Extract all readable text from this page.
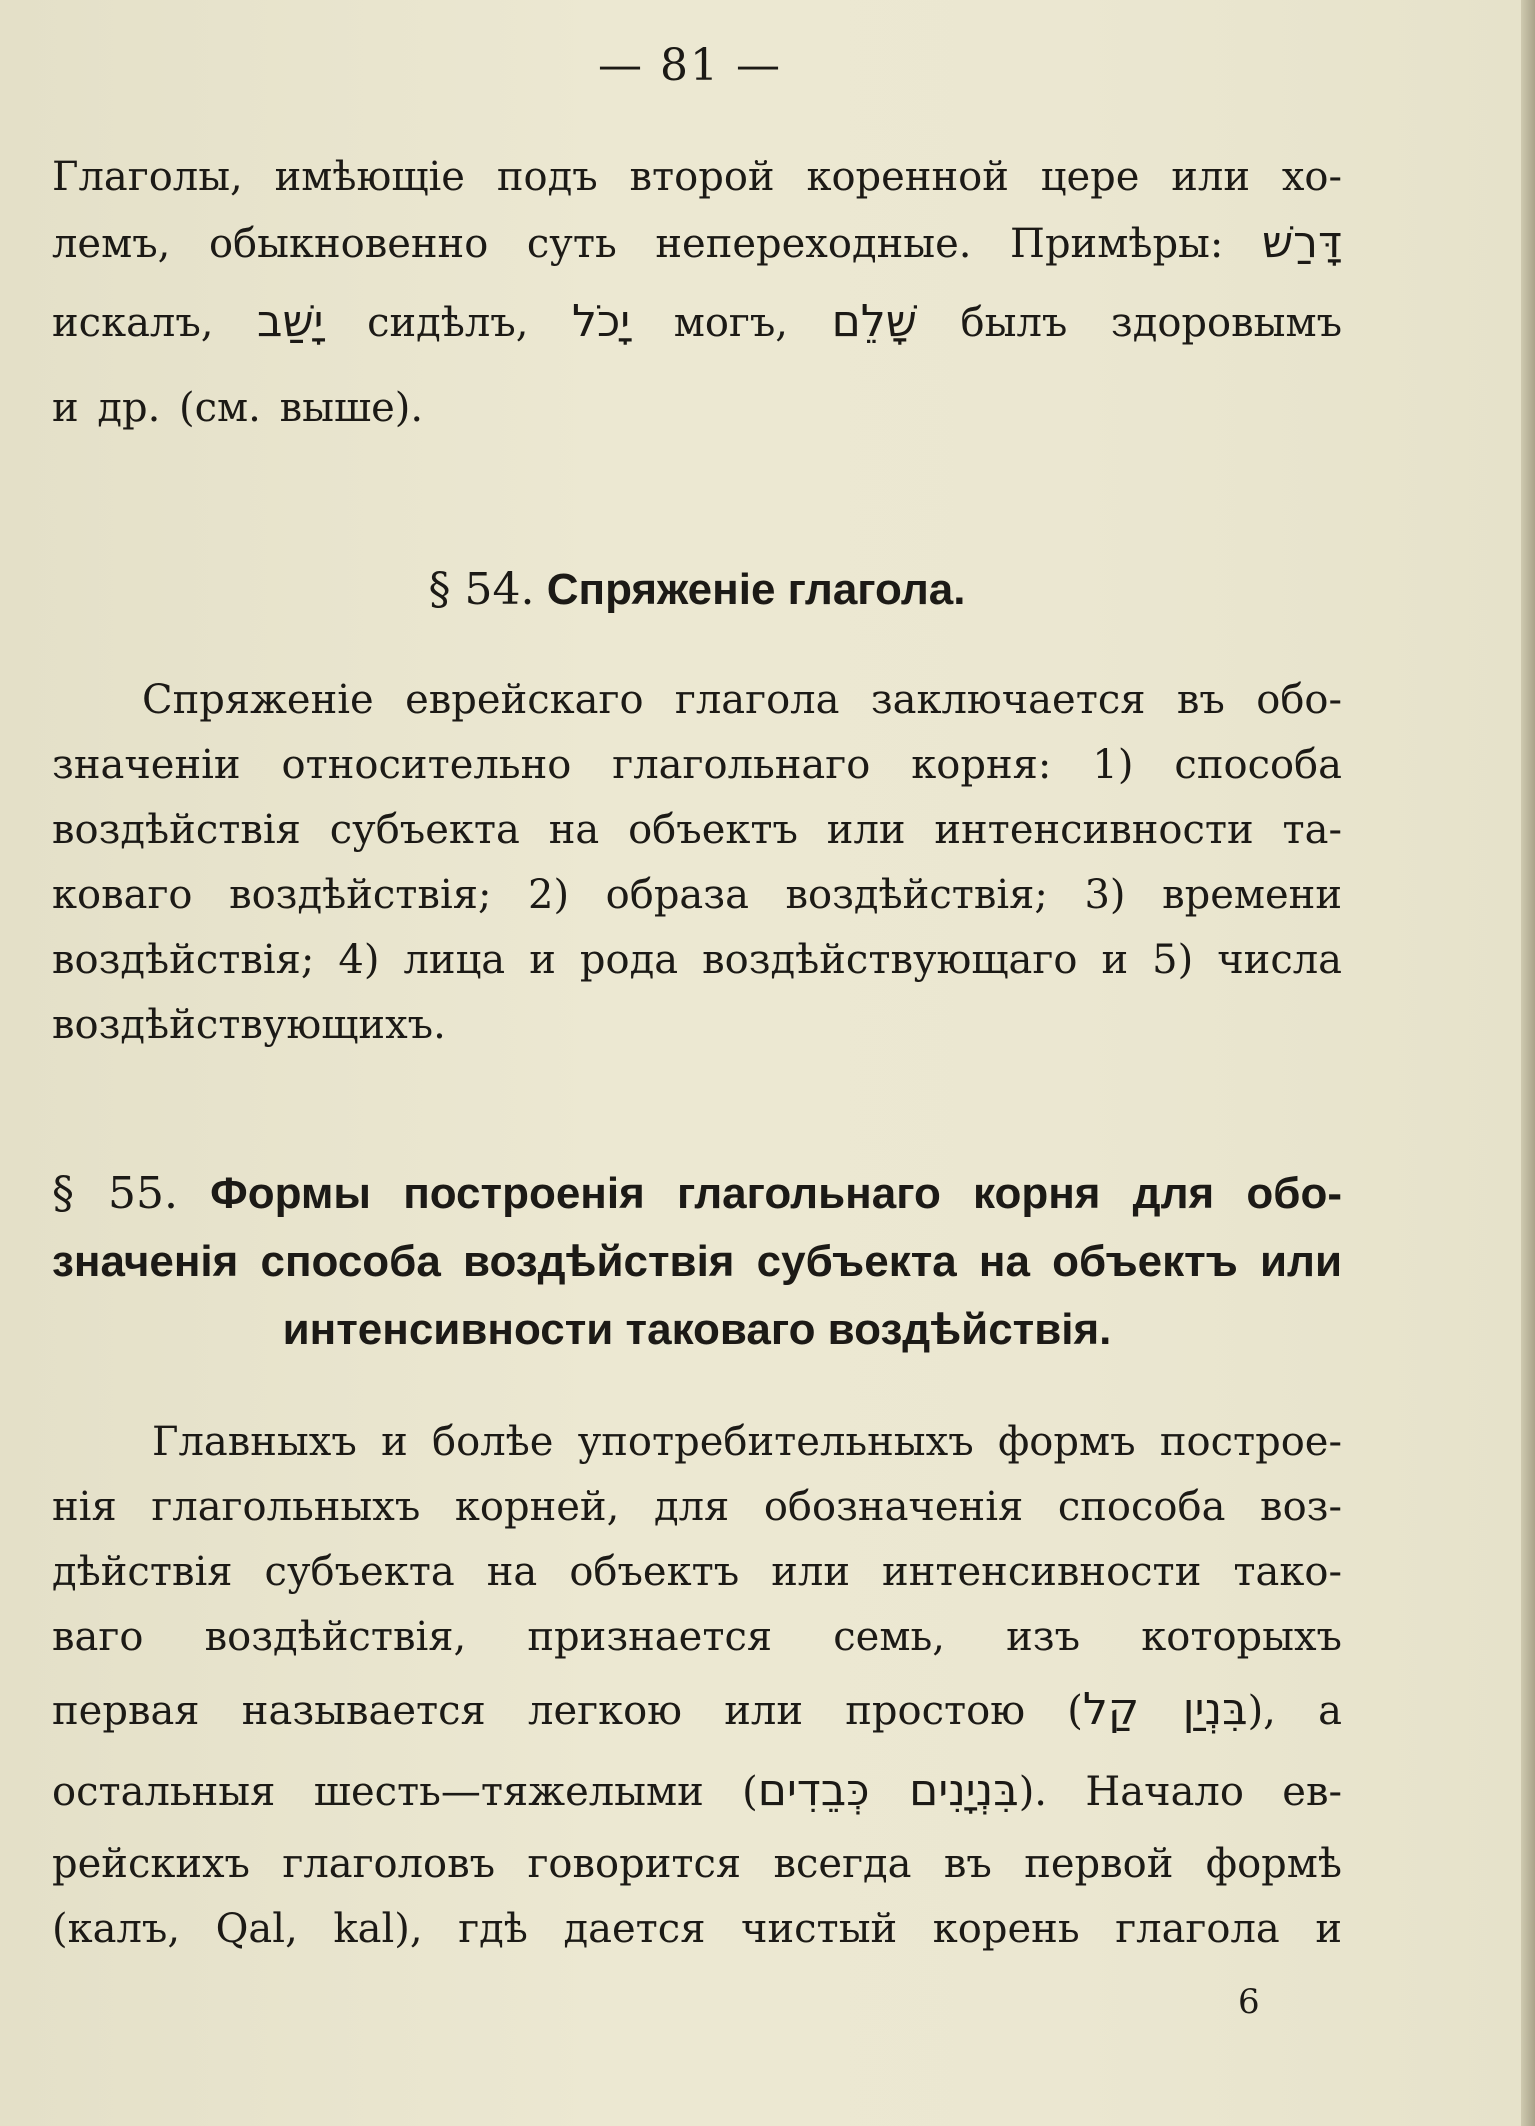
— 81 —

Глаголы, имѣющіе подъ второй коренной цере или хо-
лемъ, обыкновенно суть непереходные. Примѣры: דָּרַשׁ
искалъ, יָשַׁב сидѣлъ, יָכֹל могъ, שָׁלֵם былъ здоровымъ
и др. (см. выше).

§ 54. Спряженіе глагола.

Спряженіе еврейскаго глагола заключается въ обо-
значеніи относительно глагольнаго корня: 1) способа
воздѣйствія субъекта на объектъ или интенсивности та-
коваго воздѣйствія; 2) образа воздѣйствія; 3) времени
воздѣйствія; 4) лица и рода воздѣйствующаго и 5) числа
воздѣйствующихъ.

§ 55. Формы построенія глагольнаго корня для обо-
значенія способа воздѣйствія субъекта на объектъ или
интенсивности таковаго воздѣйствія.

Главныхъ и болѣе употребительныхъ формъ построе-
нія глагольныхъ корней, для обозначенія способа воз-
дѣйствія субъекта на объектъ или интенсивности тако-
ваго воздѣйствія, признается семь, изъ которыхъ
первая называется легкою или простою (בִּנְיַן קַל), а
остальныя шесть—тяжелыми (בִּנְיָנִים כְּבֵדִים). Начало ев-
рейскихъ глаголовъ говорится всегда въ первой формѣ
(калъ, Qal, kal), гдѣ дается чистый корень глагола и

6
